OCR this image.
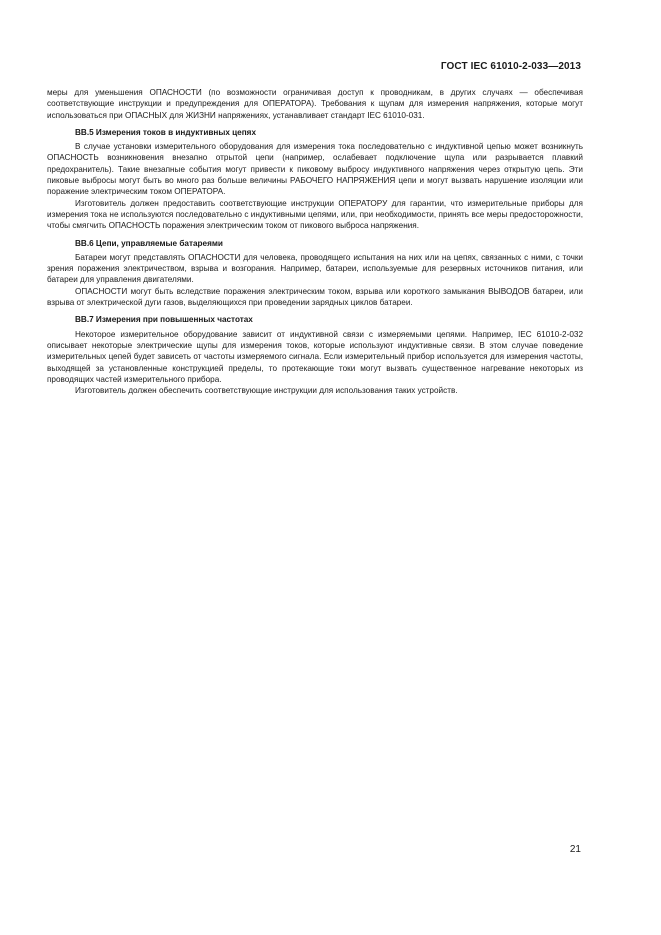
ГОСТ IEC 61010-2-033—2013

меры для уменьшения ОПАСНОСТИ (по возможности ограничивая доступ к проводникам, в других случаях — обеспечивая соответствующие инструкции и предупреждения для ОПЕРАТОРА). Требования к щупам для измерения напряжения, которые могут использоваться при ОПАСНЫХ для ЖИЗНИ напряжениях, устанавливает стандарт IEC 61010-031.

ВВ.5 Измерения токов в индуктивных цепях

В случае установки измерительного оборудования для измерения тока последовательно с индуктивной цепью может возникнуть ОПАСНОСТЬ возникновения внезапно отрытой цепи (например, ослабевает подключение щупа или разрывается плавкий предохранитель). Такие внезапные события могут привести к пиковому выбросу индуктивного напряжения через открытую цепь. Эти пиковые выбросы могут быть во много раз больше величины РАБОЧЕГО НАПРЯЖЕНИЯ цепи и могут вызвать нарушение изоляции или поражение электрическим током ОПЕРАТОРА.

Изготовитель должен предоставить соответствующие инструкции ОПЕРАТОРУ для гарантии, что измерительные приборы для измерения тока не используются последовательно с индуктивными цепями, или, при необходимости, принять все меры предосторожности, чтобы смягчить ОПАСНОСТЬ поражения электрическим током от пикового выброса напряжения.

ВВ.6 Цепи, управляемые батареями

Батареи могут представлять ОПАСНОСТИ для человека, проводящего испытания на них или на цепях, связанных с ними, с точки зрения поражения электричеством, взрыва и возгорания. Например, батареи, используемые для резервных источников питания, или батареи для управления двигателями.

ОПАСНОСТИ могут быть вследствие поражения электрическим током, взрыва или короткого замыкания ВЫВОДОВ батареи, или взрыва от электрической дуги газов, выделяющихся при проведении зарядных циклов батареи.

ВВ.7 Измерения при повышенных частотах

Некоторое измерительное оборудование зависит от индуктивной связи с измеряемыми цепями. Например, IEC 61010-2-032 описывает некоторые электрические щупы для измерения токов, которые используют индуктивные связи. В этом случае поведение измерительных цепей будет зависеть от частоты измеряемого сигнала. Если измерительный прибор используется для измерения частоты, выходящей за установленные конструкцией пределы, то протекающие токи могут вызвать существенное нагревание некоторых из проводящих частей измерительного прибора.

Изготовитель должен обеспечить соответствующие инструкции для использования таких устройств.

21
